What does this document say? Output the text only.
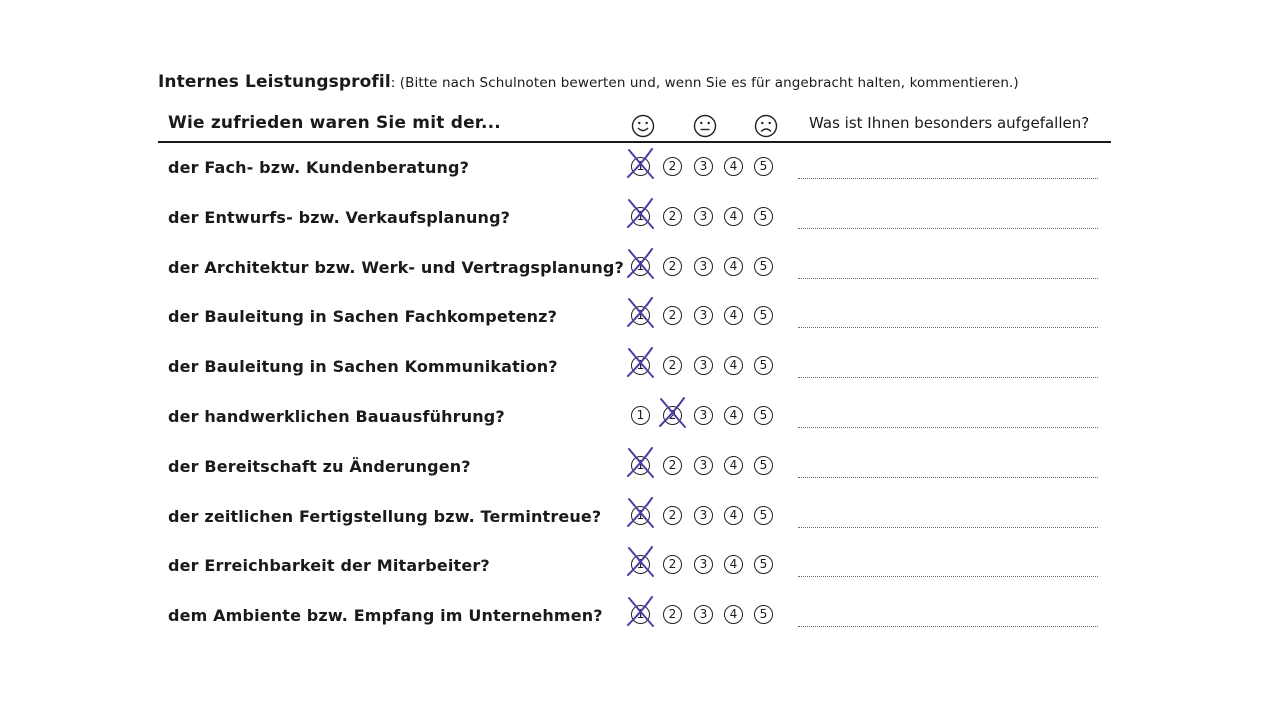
Internes Leistungsprofil: (Bitte nach Schulnoten bewerten und, wenn Sie es für angebracht halten, kommentieren.)
Wie zufrieden waren Sie mit der...	Was ist Ihnen besonders aufgefallen?
der Fach- bzw. Kundenberatung?	1	2	3	4	5
der Entwurfs- bzw. Verkaufsplanung?	1	2	3	4	5
der Architektur bzw. Werk- und Vertragsplanung?	1	2	3	4	5
der Bauleitung in Sachen Fachkompetenz?	1	2	3	4	5
der Bauleitung in Sachen Kommunikation?	1	2	3	4	5
der handwerklichen Bauausführung?	1	2	3	4	5
der Bereitschaft zu Änderungen?	1	2	3	4	5
der zeitlichen Fertigstellung bzw. Termintreue?	1	2	3	4	5
der Erreichbarkeit der Mitarbeiter?	1	2	3	4	5
dem Ambiente bzw. Empfang im Unternehmen?	1	2	3	4	5
